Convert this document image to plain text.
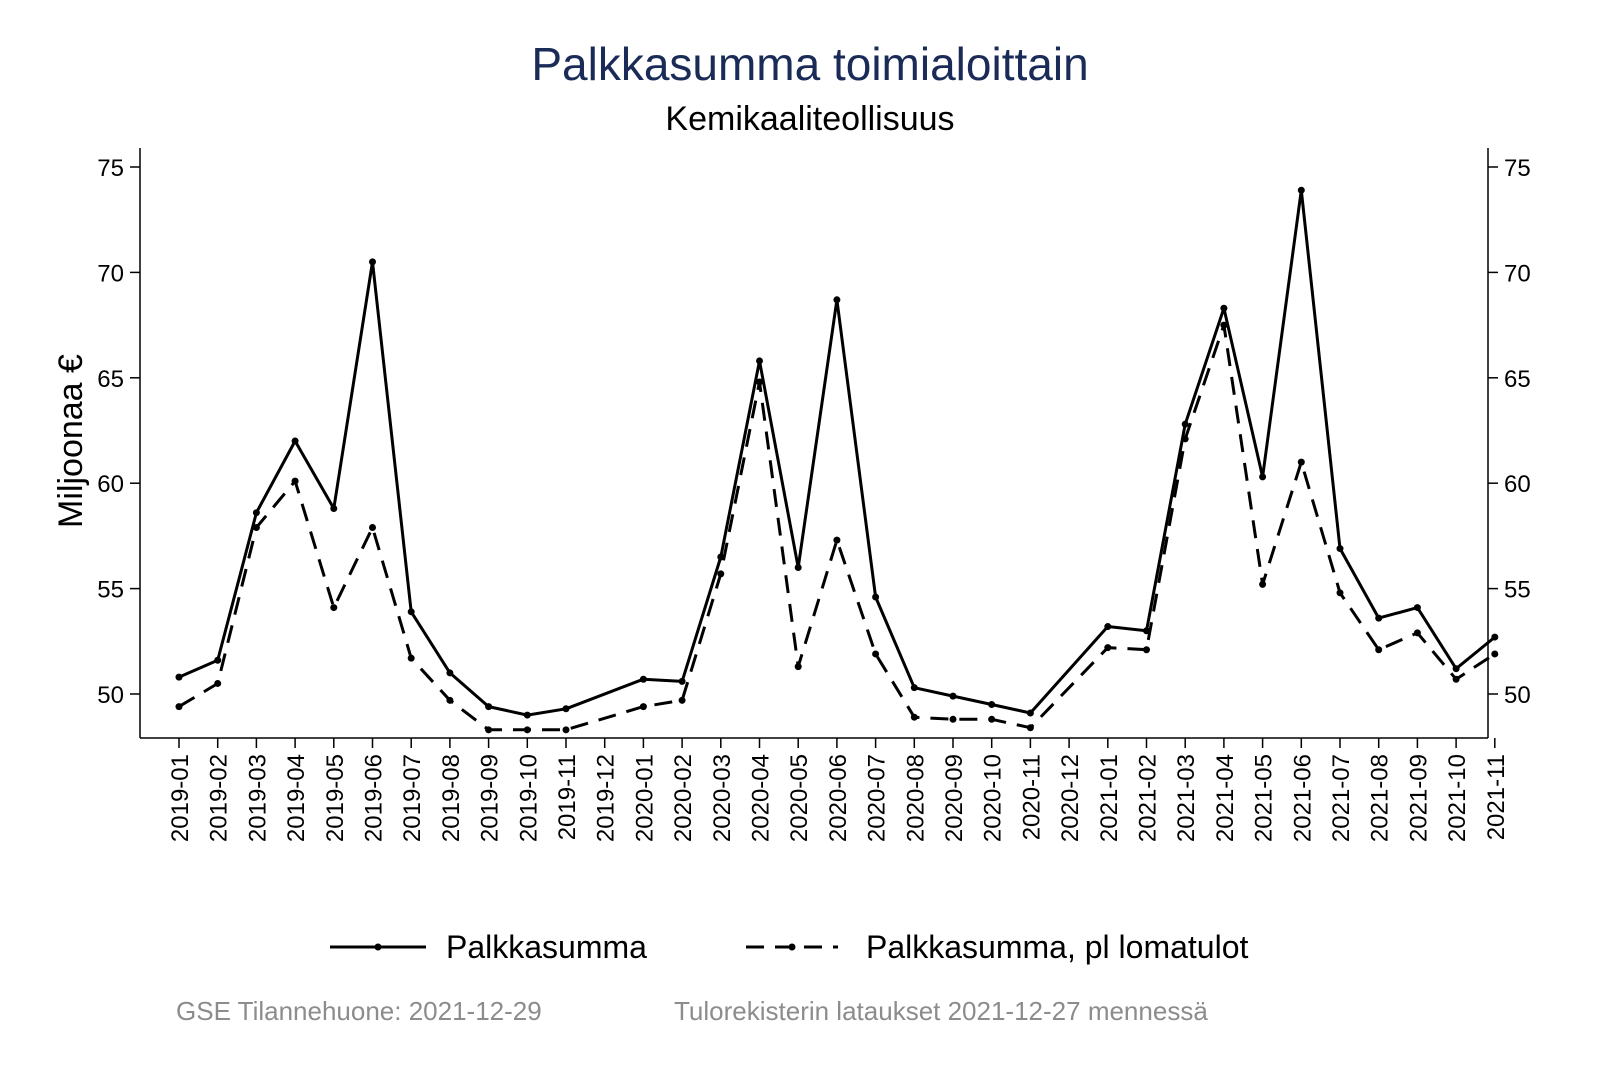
Palkkasumma toimialoittain
Kemikaaliteollisuus
Miljoonaa €
50	50
55	55
60	60
65	65
70	70
75	75
2019-01 2019-02 2019-03 2019-04 2019-05 2019-06 2019-07 2019-08 2019-09 2019-10 2019-11 2019-12 2020-01 2020-02 2020-03 2020-04 2020-05 2020-06 2020-07 2020-08 2020-09 2020-10 2020-11 2020-12 2021-01 2021-02 2021-03 2021-04 2021-05 2021-06 2021-07 2021-08 2021-09 2021-10 2021-11
Palkkasumma	Palkkasumma, pl lomatulot
GSE Tilannehuone: 2021-12-29	Tulorekisterin lataukset 2021-12-27 mennessä
